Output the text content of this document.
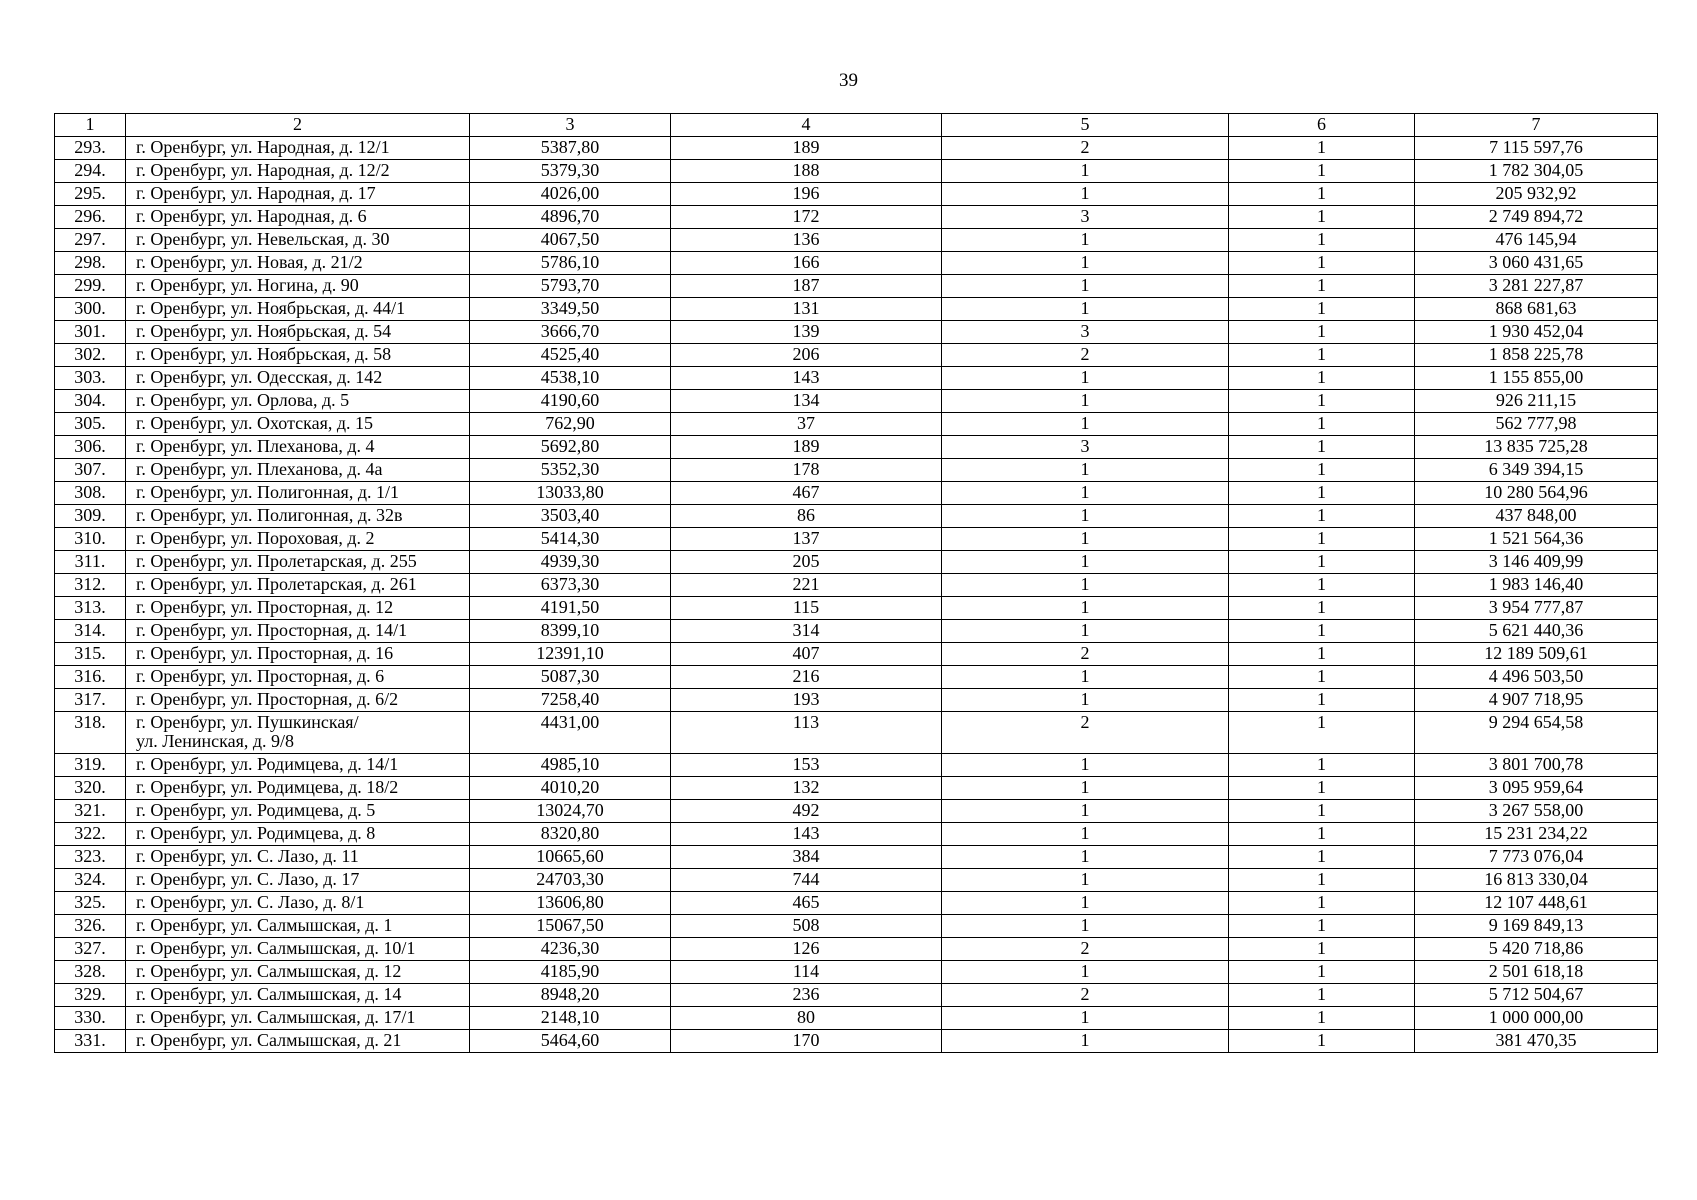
39
1	2	3	4	5	6	7
293.	г. Оренбург, ул. Народная, д. 12/1	5387,80	189	2	1	7 115 597,76
294.	г. Оренбург, ул. Народная, д. 12/2	5379,30	188	1	1	1 782 304,05
295.	г. Оренбург, ул. Народная, д. 17	4026,00	196	1	1	205 932,92
296.	г. Оренбург, ул. Народная, д. 6	4896,70	172	3	1	2 749 894,72
297.	г. Оренбург, ул. Невельская, д. 30	4067,50	136	1	1	476 145,94
298.	г. Оренбург, ул. Новая, д. 21/2	5786,10	166	1	1	3 060 431,65
299.	г. Оренбург, ул. Ногина, д. 90	5793,70	187	1	1	3 281 227,87
300.	г. Оренбург, ул. Ноябрьская, д. 44/1	3349,50	131	1	1	868 681,63
301.	г. Оренбург, ул. Ноябрьская, д. 54	3666,70	139	3	1	1 930 452,04
302.	г. Оренбург, ул. Ноябрьская, д. 58	4525,40	206	2	1	1 858 225,78
303.	г. Оренбург, ул. Одесская, д. 142	4538,10	143	1	1	1 155 855,00
304.	г. Оренбург, ул. Орлова, д. 5	4190,60	134	1	1	926 211,15
305.	г. Оренбург, ул. Охотская, д. 15	762,90	37	1	1	562 777,98
306.	г. Оренбург, ул. Плеханова, д. 4	5692,80	189	3	1	13 835 725,28
307.	г. Оренбург, ул. Плеханова, д. 4а	5352,30	178	1	1	6 349 394,15
308.	г. Оренбург, ул. Полигонная, д. 1/1	13033,80	467	1	1	10 280 564,96
309.	г. Оренбург, ул. Полигонная, д. 32в	3503,40	86	1	1	437 848,00
310.	г. Оренбург, ул. Пороховая, д. 2	5414,30	137	1	1	1 521 564,36
311.	г. Оренбург, ул. Пролетарская, д. 255	4939,30	205	1	1	3 146 409,99
312.	г. Оренбург, ул. Пролетарская, д. 261	6373,30	221	1	1	1 983 146,40
313.	г. Оренбург, ул. Просторная, д. 12	4191,50	115	1	1	3 954 777,87
314.	г. Оренбург, ул. Просторная, д. 14/1	8399,10	314	1	1	5 621 440,36
315.	г. Оренбург, ул. Просторная, д. 16	12391,10	407	2	1	12 189 509,61
316.	г. Оренбург, ул. Просторная, д. 6	5087,30	216	1	1	4 496 503,50
317.	г. Оренбург, ул. Просторная, д. 6/2	7258,40	193	1	1	4 907 718,95
318.	г. Оренбург, ул. Пушкинская/
ул. Ленинская, д. 9/8	4431,00	113	2	1	9 294 654,58
319.	г. Оренбург, ул. Родимцева, д. 14/1	4985,10	153	1	1	3 801 700,78
320.	г. Оренбург, ул. Родимцева, д. 18/2	4010,20	132	1	1	3 095 959,64
321.	г. Оренбург, ул. Родимцева, д. 5	13024,70	492	1	1	3 267 558,00
322.	г. Оренбург, ул. Родимцева, д. 8	8320,80	143	1	1	15 231 234,22
323.	г. Оренбург, ул. С. Лазо, д. 11	10665,60	384	1	1	7 773 076,04
324.	г. Оренбург, ул. С. Лазо, д. 17	24703,30	744	1	1	16 813 330,04
325.	г. Оренбург, ул. С. Лазо, д. 8/1	13606,80	465	1	1	12 107 448,61
326.	г. Оренбург, ул. Салмышская, д. 1	15067,50	508	1	1	9 169 849,13
327.	г. Оренбург, ул. Салмышская, д. 10/1	4236,30	126	2	1	5 420 718,86
328.	г. Оренбург, ул. Салмышская, д. 12	4185,90	114	1	1	2 501 618,18
329.	г. Оренбург, ул. Салмышская, д. 14	8948,20	236	2	1	5 712 504,67
330.	г. Оренбург, ул. Салмышская, д. 17/1	2148,10	80	1	1	1 000 000,00
331.	г. Оренбург, ул. Салмышская, д. 21	5464,60	170	1	1	381 470,35
